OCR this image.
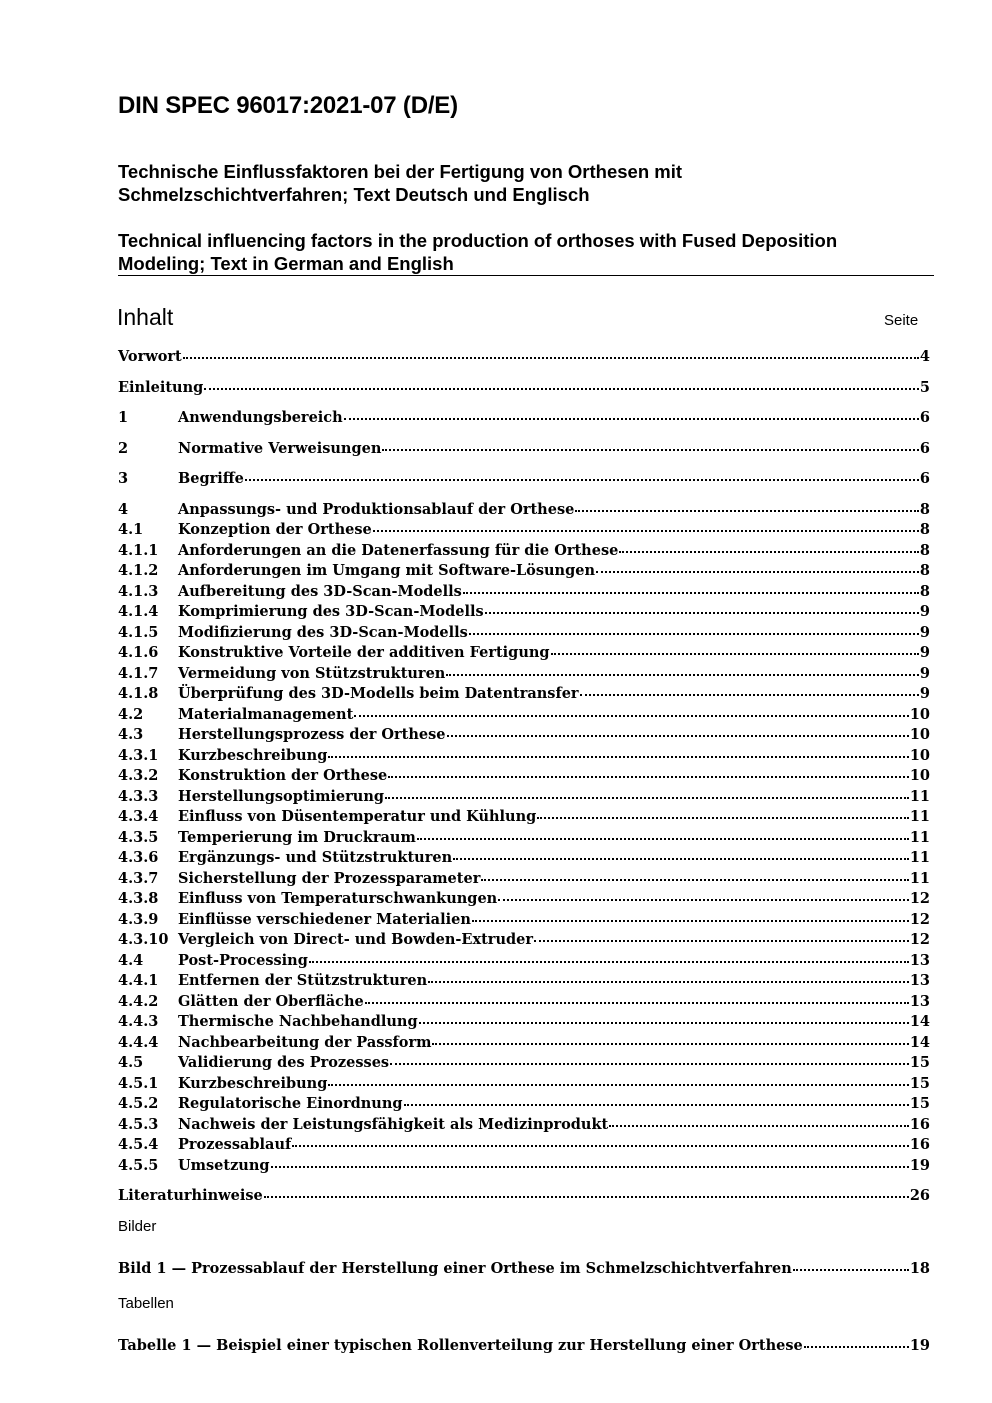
DIN SPEC 96017:2021-07 (D/E)
Technische Einflussfaktoren bei der Fertigung von Orthesen mit
Schmelzschichtverfahren; Text Deutsch und Englisch
Technical influencing factors in the production of orthoses with Fused Deposition
Modeling; Text in German and English
Inhalt	Seite
Vorwort	4
Einleitung	5
1	Anwendungsbereich	6
2	Normative Verweisungen	6
3	Begriffe	6
4	Anpassungs- und Produktionsablauf der Orthese	8
4.1	Konzeption der Orthese	8
4.1.1	Anforderungen an die Datenerfassung für die Orthese	8
4.1.2	Anforderungen im Umgang mit Software-Lösungen	8
4.1.3	Aufbereitung des 3D-Scan-Modells	8
4.1.4	Komprimierung des 3D-Scan-Modells	9
4.1.5	Modifizierung des 3D-Scan-Modells	9
4.1.6	Konstruktive Vorteile der additiven Fertigung	9
4.1.7	Vermeidung von Stützstrukturen	9
4.1.8	Überprüfung des 3D-Modells beim Datentransfer	9
4.2	Materialmanagement	10
4.3	Herstellungsprozess der Orthese	10
4.3.1	Kurzbeschreibung	10
4.3.2	Konstruktion der Orthese	10
4.3.3	Herstellungsoptimierung	11
4.3.4	Einfluss von Düsentemperatur und Kühlung	11
4.3.5	Temperierung im Druckraum	11
4.3.6	Ergänzungs- und Stützstrukturen	11
4.3.7	Sicherstellung der Prozessparameter	11
4.3.8	Einfluss von Temperaturschwankungen	12
4.3.9	Einflüsse verschiedener Materialien	12
4.3.10 Vergleich von Direct- und Bowden-Extruder	12
4.4	Post-Processing	13
4.4.1	Entfernen der Stützstrukturen	13
4.4.2	Glätten der Oberfläche	13
4.4.3	Thermische Nachbehandlung	14
4.4.4	Nachbearbeitung der Passform	14
4.5	Validierung des Prozesses	15
4.5.1	Kurzbeschreibung	15
4.5.2	Regulatorische Einordnung	15
4.5.3	Nachweis der Leistungsfähigkeit als Medizinprodukt	16
4.5.4	Prozessablauf	16
4.5.5	Umsetzung	19
Literaturhinweise	26
Bilder
Bild 1 — Prozessablauf der Herstellung einer Orthese im Schmelzschichtverfahren	18
Tabellen
Tabelle 1 — Beispiel einer typischen Rollenverteilung zur Herstellung einer Orthese	19
